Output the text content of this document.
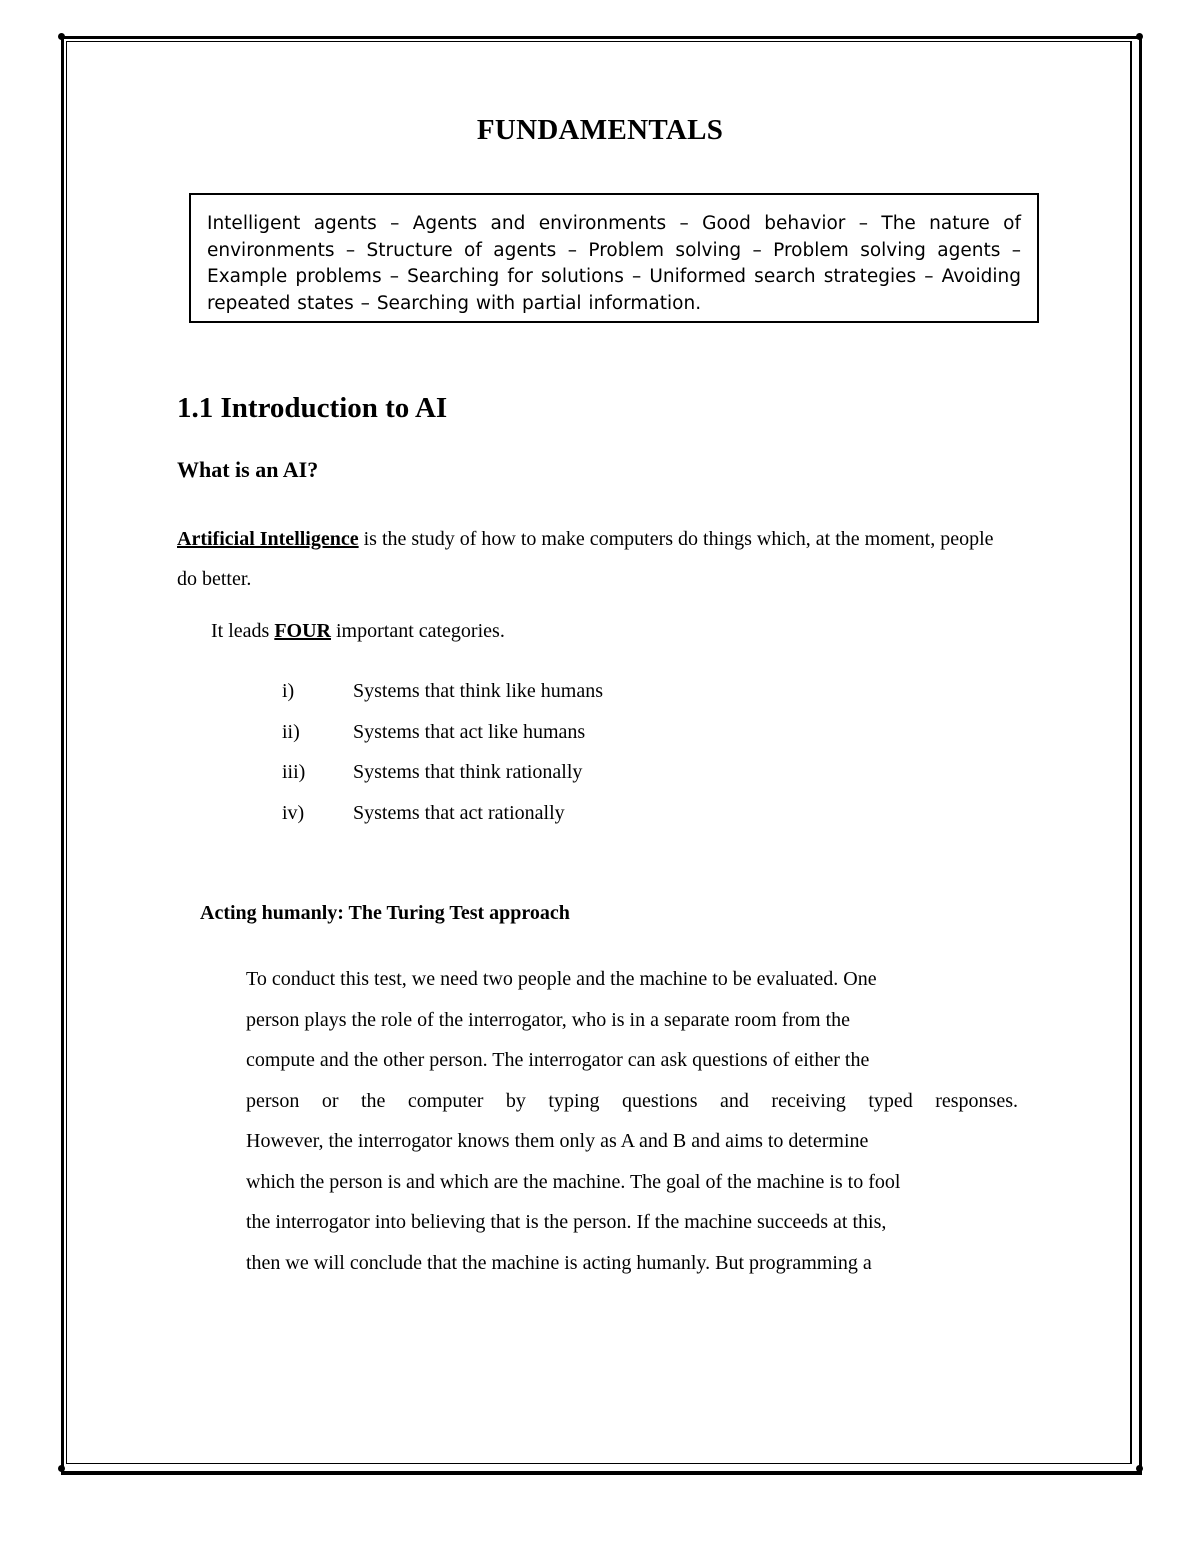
FUNDAMENTALS
Intelligent agents – Agents and environments – Good behavior – The nature of environments – Structure of agents – Problem solving – Problem solving agents – Example problems – Searching for solutions – Uniformed search strategies – Avoiding repeated states – Searching with partial information.
1.1 Introduction to AI
What is an AI?
Artificial Intelligence is the study of how to make computers do things which, at the moment, people do better.
It leads FOUR important categories.
i)	Systems that think like humans
ii)	Systems that act like humans
iii)	Systems that think rationally
iv)	Systems that act rationally
Acting humanly: The Turing Test approach
To conduct this test, we need two people and the machine to be evaluated. One
person plays the role of the interrogator, who is in a separate room from the
compute and the other person. The interrogator can ask questions of either the
person or the computer by typing questions and receiving typed responses.
However, the interrogator knows them only as A and B and aims to determine
which the person is and which are the machine. The goal of the machine is to fool
the interrogator into believing that is the person. If the machine succeeds at this,
then we will conclude that the machine is acting humanly. But programming a
